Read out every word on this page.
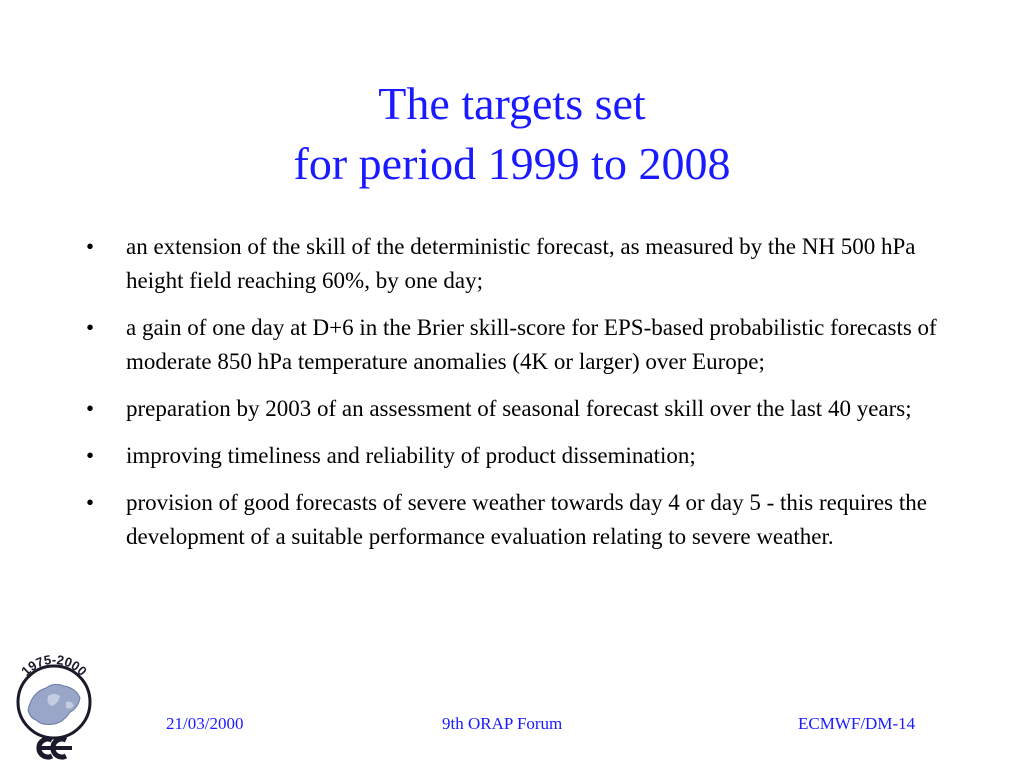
The targets set
for period 1999 to 2008
•	an extension of the skill of the deterministic forecast, as measured by the NH 500 hPa height field reaching 60%, by one day;
•	a gain of one day at D+6 in the Brier skill-score for EPS-based probabilistic forecasts of moderate 850 hPa temperature anomalies (4K or larger) over Europe;
•	preparation by 2003 of an assessment of seasonal forecast skill over the last 40 years;
•	improving timeliness and reliability of product dissemination;
•	provision of good forecasts of severe weather towards day 4 or day 5 - this requires the development of a suitable performance evaluation relating to severe weather.
1975-2000
21/03/2000	9th ORAP Forum	ECMWF/DM-14
